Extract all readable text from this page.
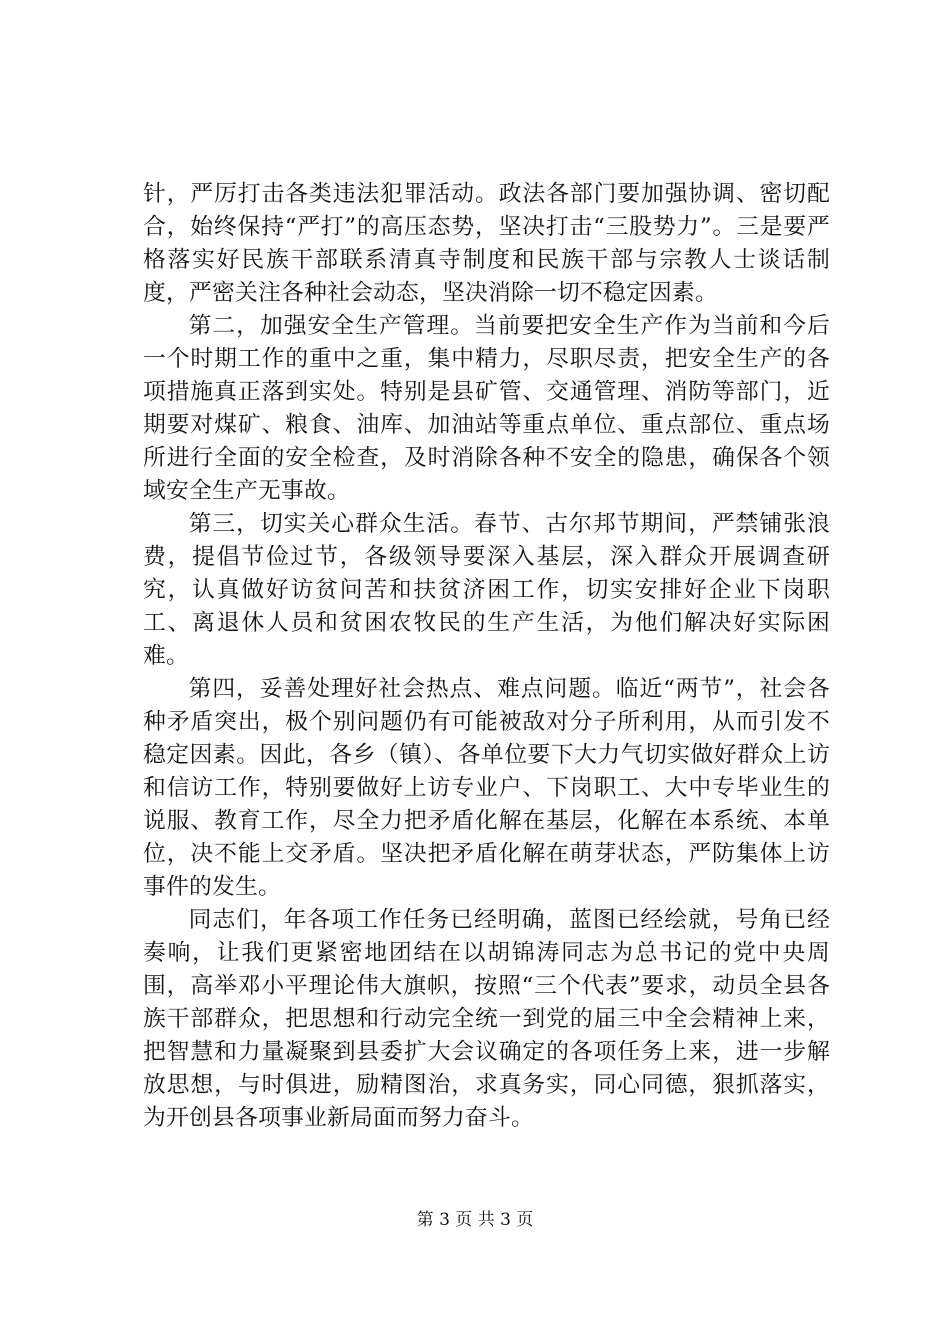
针，严厉打击各类违法犯罪活动。政法各部门要加强协调、密切配合，始终保持“严打”的高压态势，坚决打击“三股势力”。三是要严格落实好民族干部联系清真寺制度和民族干部与宗教人士谈话制度，严密关注各种社会动态，坚决消除一切不稳定因素。

第二，加强安全生产管理。当前要把安全生产作为当前和今后一个时期工作的重中之重，集中精力，尽职尽责，把安全生产的各项措施真正落到实处。特别是县矿管、交通管理、消防等部门，近期要对煤矿、粮食、油库、加油站等重点单位、重点部位、重点场所进行全面的安全检查，及时消除各种不安全的隐患，确保各个领域安全生产无事故。

第三，切实关心群众生活。春节、古尔邦节期间，严禁铺张浪费，提倡节俭过节，各级领导要深入基层，深入群众开展调查研究，认真做好访贫问苦和扶贫济困工作，切实安排好企业下岗职工、离退休人员和贫困农牧民的生产生活，为他们解决好实际困难。

第四，妥善处理好社会热点、难点问题。临近“两节”，社会各种矛盾突出，极个别问题仍有可能被敌对分子所利用，从而引发不稳定因素。因此，各乡（镇）、各单位要下大力气切实做好群众上访和信访工作，特别要做好上访专业户、下岗职工、大中专毕业生的说服、教育工作，尽全力把矛盾化解在基层，化解在本系统、本单位，决不能上交矛盾。坚决把矛盾化解在萌芽状态，严防集体上访事件的发生。

同志们，年各项工作任务已经明确，蓝图已经绘就，号角已经奏响，让我们更紧密地团结在以胡锦涛同志为总书记的党中央周围，高举邓小平理论伟大旗帜，按照“三个代表”要求，动员全县各族干部群众，把思想和行动完全统一到党的届三中全会精神上来，把智慧和力量凝聚到县委扩大会议确定的各项任务上来，进一步解放思想，与时俱进，励精图治，求真务实，同心同德，狠抓落实，为开创县各项事业新局面而努力奋斗。

第 3 页 共 3 页
